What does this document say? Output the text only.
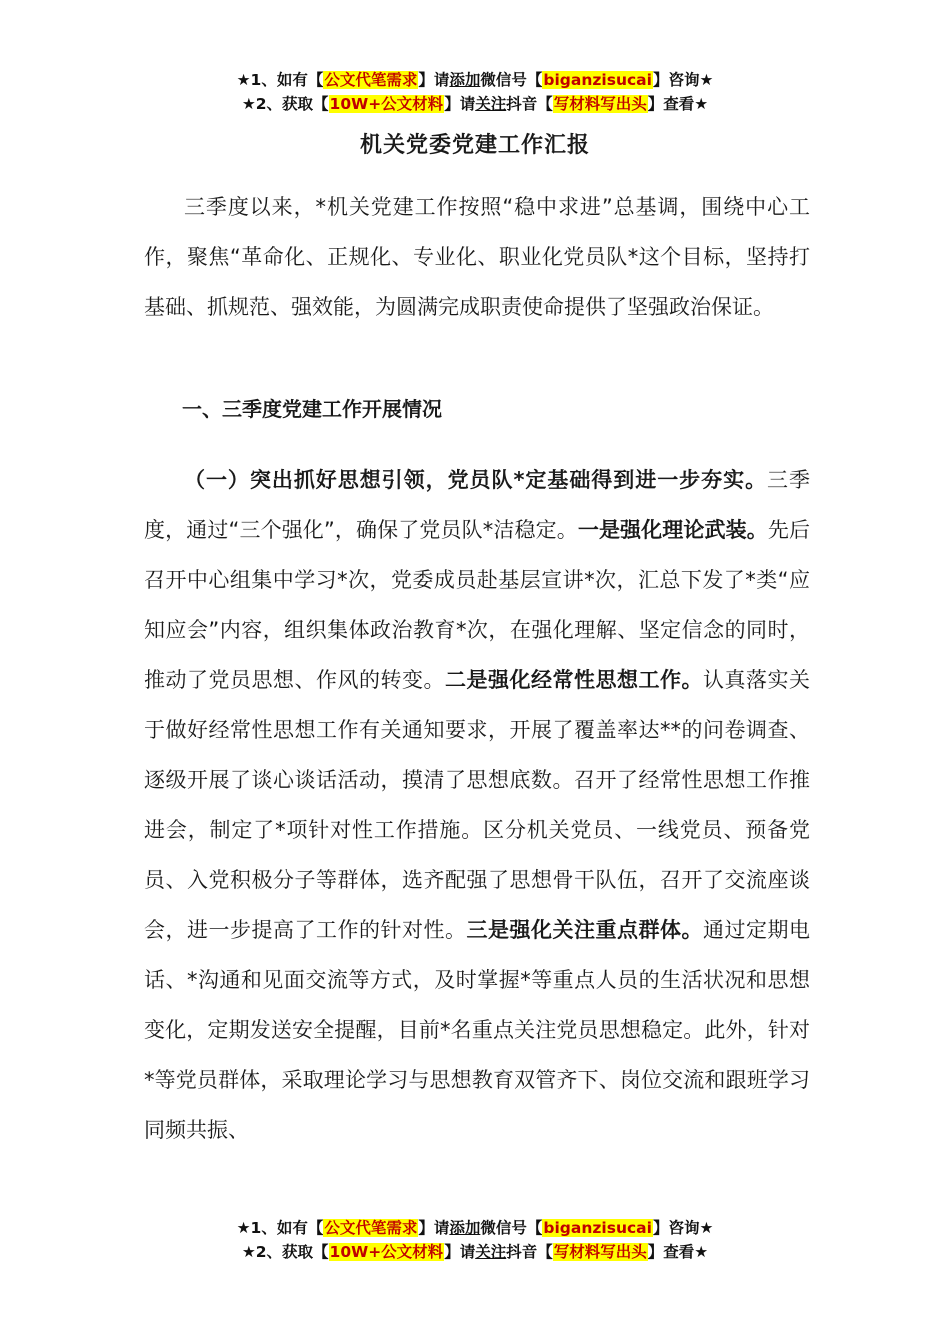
★1、如有【公文代笔需求】请添加微信号【biganzisucai】咨询★
★2、获取【10W+公文材料】请关注抖音【写材料写出头】查看★
机关党委党建工作汇报

三季度以来，*机关党建工作按照“稳中求进”总基调，围绕中心工作，聚焦“革命化、正规化、专业化、职业化党员队*这个目标，坚持打基础、抓规范、强效能，为圆满完成职责使命提供了坚强政治保证。

一、三季度党建工作开展情况

（一）突出抓好思想引领，党员队*定基础得到进一步夯实。三季度，通过“三个强化”，确保了党员队*洁稳定。一是强化理论武装。先后召开中心组集中学习*次，党委成员赴基层宣讲*次，汇总下发了*类“应知应会”内容，组织集体政治教育*次，在强化理解、坚定信念的同时，推动了党员思想、作风的转变。二是强化经常性思想工作。认真落实关于做好经常性思想工作有关通知要求，开展了覆盖率达**的问卷调查、逐级开展了谈心谈话活动，摸清了思想底数。召开了经常性思想工作推进会，制定了*项针对性工作措施。区分机关党员、一线党员、预备党员、入党积极分子等群体，选齐配强了思想骨干队伍，召开了交流座谈会，进一步提高了工作的针对性。三是强化关注重点群体。通过定期电话、*沟通和见面交流等方式，及时掌握*等重点人员的生活状况和思想变化，定期发送安全提醒，目前*名重点关注党员思想稳定。此外，针对*等党员群体，采取理论学习与思想教育双管齐下、岗位交流和跟班学习同频共振、

★1、如有【公文代笔需求】请添加微信号【biganzisucai】咨询★
★2、获取【10W+公文材料】请关注抖音【写材料写出头】查看★
